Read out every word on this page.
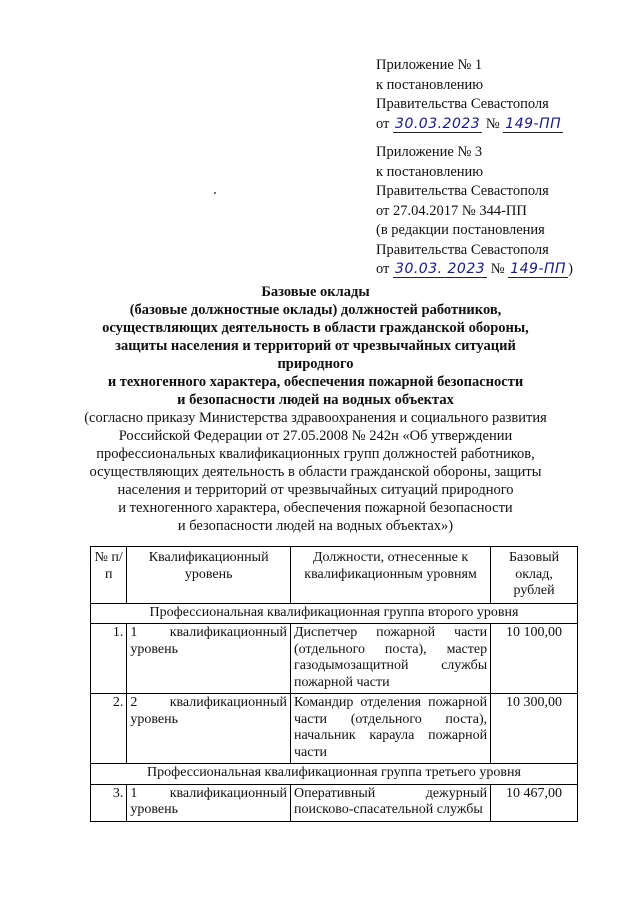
Приложение № 1
к постановлению
Правительства Севастополя
от 30.03.2023 № 149-ПП
Приложение № 3
к постановлению
Правительства Севастополя
от 27.04.2017 № 344-ПП
(в редакции постановления
Правительства Севастополя
от 30.03. 2023 № 149-ПП )
Базовые оклады
(базовые должностные оклады) должностей работников,
осуществляющих деятельность в области гражданской обороны,
защиты населения и территорий от чрезвычайных ситуаций
природного
и техногенного характера, обеспечения пожарной безопасности
и безопасности людей на водных объектах
(согласно приказу Министерства здравоохранения и социального развития
Российской Федерации от 27.05.2008 № 242н «Об утверждении
профессиональных квалификационных групп должностей работников,
осуществляющих деятельность в области гражданской обороны, защиты
населения и территорий от чрезвычайных ситуаций природного
и техногенного характера, обеспечения пожарной безопасности
и безопасности людей на водных объектах»)
№ п/п	Квалификационный уровень	Должности, отнесенные к квалификационным уровням	Базовый оклад, рублей
Профессиональная квалификационная группа второго уровня			
1.	1 квалификационный уровень	Диспетчер пожарной части (отдельного поста), мастер газодымозащитной службы пожарной части	10 100,00
2.	2 квалификационный уровень	Командир отделения пожарной части (отдельного поста), начальник караула пожарной части	10 300,00
Профессиональная квалификационная группа третьего уровня			
3.	1 квалификационный уровень	Оперативный дежурный поисково-спасательной службы	10 467,00
